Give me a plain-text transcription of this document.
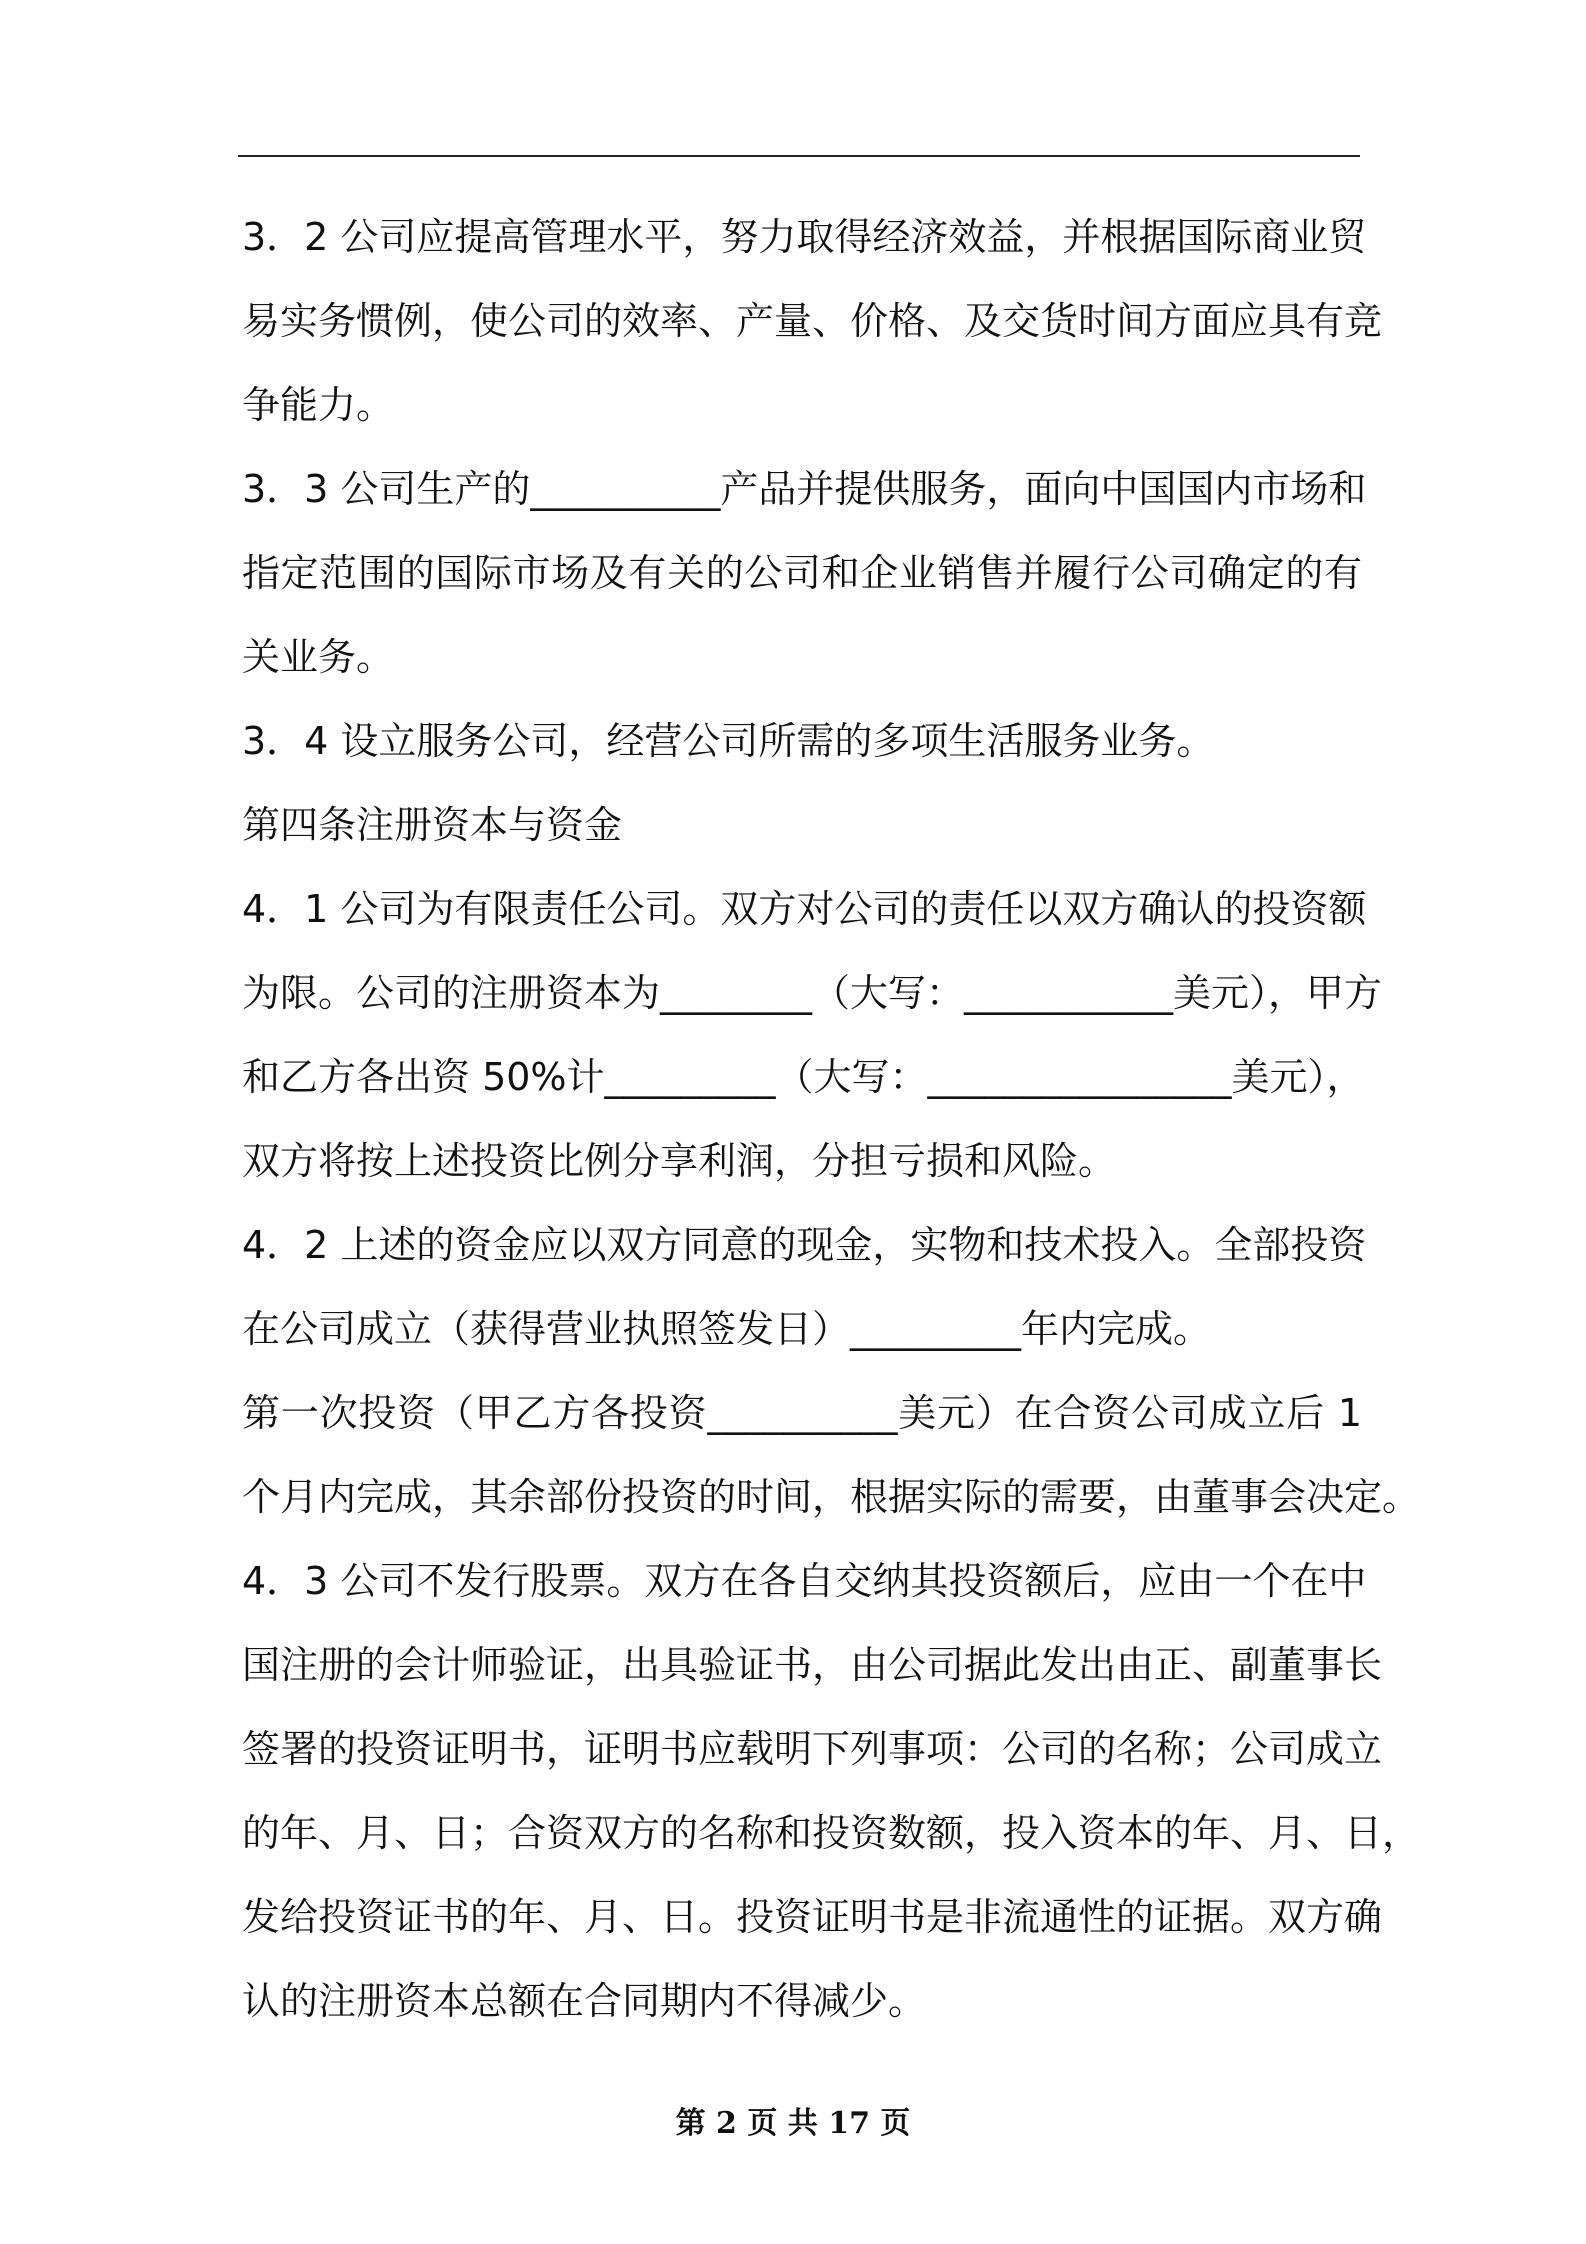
3．2 公司应提高管理水平，努力取得经济效益，并根据国际商业贸
易实务惯例，使公司的效率、产量、价格、及交货时间方面应具有竞
争能力。
3．3 公司生产的__________产品并提供服务，面向中国国内市场和
指定范围的国际市场及有关的公司和企业销售并履行公司确定的有
关业务。
3．4 设立服务公司，经营公司所需的多项生活服务业务。
第四条注册资本与资金
4．1 公司为有限责任公司。双方对公司的责任以双方确认的投资额
为限。公司的注册资本为________（大写：___________美元），甲方
和乙方各出资 50%计_________（大写：________________美元），
双方将按上述投资比例分享利润，分担亏损和风险。
4．2 上述的资金应以双方同意的现金，实物和技术投入。全部投资
在公司成立（获得营业执照签发日）_________年内完成。
第一次投资（甲乙方各投资__________美元）在合资公司成立后 1
个月内完成，其余部份投资的时间，根据实际的需要，由董事会决定。
4．3 公司不发行股票。双方在各自交纳其投资额后，应由一个在中
国注册的会计师验证，出具验证书，由公司据此发出由正、副董事长
签署的投资证明书，证明书应载明下列事项：公司的名称；公司成立
的年、月、日；合资双方的名称和投资数额，投入资本的年、月、日，
发给投资证书的年、月、日。投资证明书是非流通性的证据。双方确
认的注册资本总额在合同期内不得减少。
第 2 页 共 17 页
